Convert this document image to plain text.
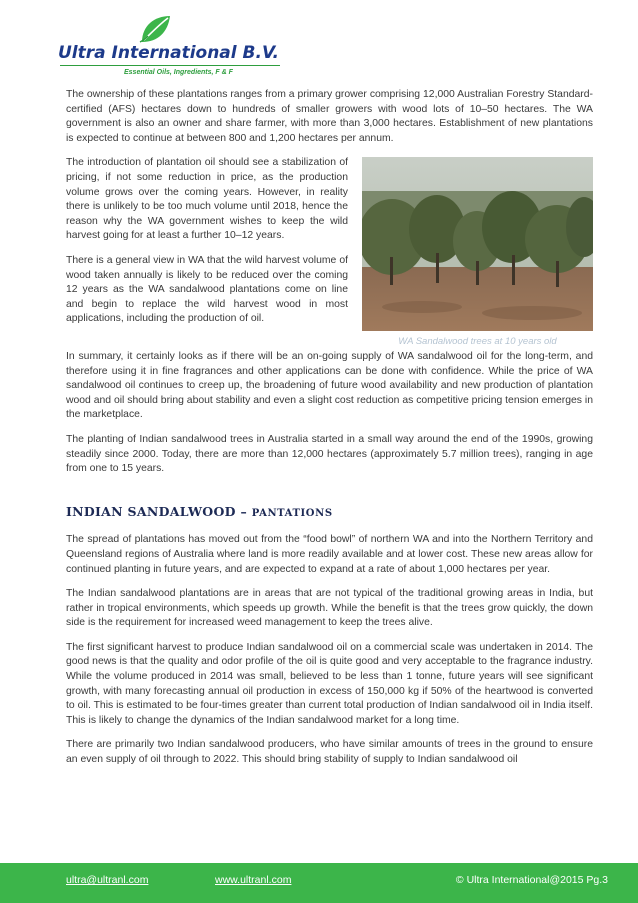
Ultra International B.V.
Essential Oils, Ingredients, F & F

The ownership of these plantations ranges from a primary grower comprising 12,000 Australian Forestry Standard-certified (AFS) hectares down to hundreds of smaller growers with wood lots of 10–50 hectares. The WA government is also an owner and share farmer, with more than 3,000 hectares. Establishment of new plantations is expected to continue at between 800 and 1,200 hectares per annum.

The introduction of plantation oil should see a stabilization of pricing, if not some reduction in price, as the production volume grows over the coming years. However, in reality there is unlikely to be too much volume until 2018, hence the reason why the WA government wishes to keep the wild harvest going for at least a further 10–12 years.

There is a general view in WA that the wild harvest volume of wood taken annually is likely to be reduced over the coming 12 years as the WA sandalwood plantations come on line and begin to replace the wild harvest wood in most applications, including the production of oil.

WA Sandalwood trees at 10 years old

In summary, it certainly looks as if there will be an on-going supply of WA sandalwood oil for the long-term, and therefore using it in fine fragrances and other applications can be done with confidence. While the price of WA sandalwood oil continues to creep up, the broadening of future wood availability and new production of plantation wood and oil should bring about stability and even a slight cost reduction as competitive pricing tension emerges in the marketplace.

The planting of Indian sandalwood trees in Australia started in a small way around the end of the 1990s, growing steadily since 2000. Today, there are more than 12,000 hectares (approximately 5.7 million trees), ranging in age from one to 15 years.

INDIAN SANDALWOOD – PANTATIONS

The spread of plantations has moved out from the “food bowl” of northern WA and into the Northern Territory and Queensland regions of Australia where land is more readily available and at lower cost. These new areas allow for continued planting in future years, and are expected to expand at a rate of about 1,000 hectares per year.

The Indian sandalwood plantations are in areas that are not typical of the traditional growing areas in India, but rather in tropical environments, which speeds up growth. While the benefit is that the trees grow quickly, the down side is the requirement for increased weed management to keep the trees alive.

The first significant harvest to produce Indian sandalwood oil on a commercial scale was undertaken in 2014. The good news is that the quality and odor profile of the oil is quite good and very acceptable to the fragrance industry. While the volume produced in 2014 was small, believed to be less than 1 tonne, future years will see significant growth, with many forecasting annual oil production in excess of 150,000 kg if 50% of the heartwood is converted to oil. This is estimated to be four-times greater than current total production of Indian sandalwood oil in India itself. This is likely to change the dynamics of the Indian sandalwood market for a long time.

There are primarily two Indian sandalwood producers, who have similar amounts of trees in the ground to ensure an even supply of oil through to 2022. This should bring stability of supply to Indian sandalwood oil

ultra@ultranl.com	www.ultranl.com	© Ultra International@2015 Pg.3
